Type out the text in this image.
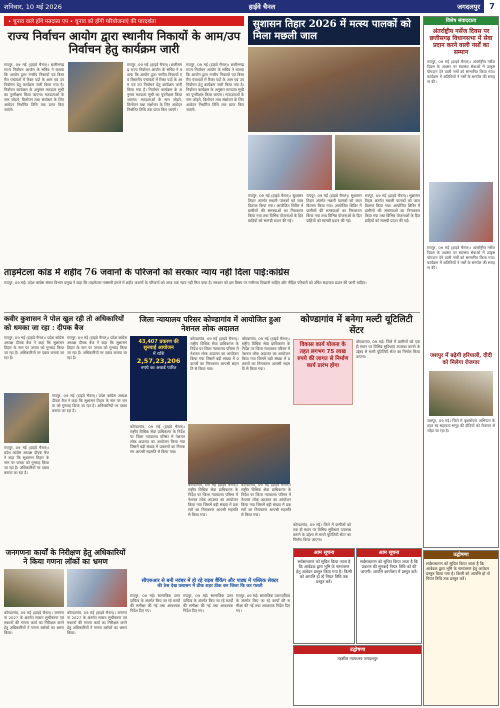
शनिवार, 10 मई 2026	हाईवे चैनल	जगदलपुर	7
• चुनाव वाले होंगे मतदाता एप • चुनाव को होंगी परियोजनाएं की पारदर्शता
राज्य निर्वाचन आयोग द्वारा स्थानीय निकायों के आम/उप निर्वाचन हेतु कार्यक्रम जारी
रायपुर, 09 मई (हाइवे चैनल)। छत्तीसगढ़ राज्य निर्वाचन आयोग के सचिव ने बताया कि आयोग द्वारा नगरीय निकायों एवं त्रिस्तरीय पंचायतों में रिक्त पदों के आम एवं उप निर्वाचन हेतु कार्यक्रम जारी किया गया है। निर्वाचन कार्यक्रम के अनुसार मतदाता सूची का पुनरीक्षण किया जाएगा। मतदाताओं के नाम जोड़ने, विलोपन तथा संशोधन के लिए आवेदन निर्धारित तिथि तक प्राप्त किए जाएंगे।
रायपुर, 09 मई (हाइवे चैनल)। छत्तीसगढ़ राज्य निर्वाचन आयोग के सचिव ने बताया कि आयोग द्वारा नगरीय निकायों एवं त्रिस्तरीय पंचायतों में रिक्त पदों के आम एवं उप निर्वाचन हेतु कार्यक्रम जारी किया गया है। निर्वाचन कार्यक्रम के अनुसार मतदाता सूची का पुनरीक्षण किया जाएगा। मतदाताओं के नाम जोड़ने, विलोपन तथा संशोधन के लिए आवेदन निर्धारित तिथि तक प्राप्त किए जाएंगे।
रायपुर, 09 मई (हाइवे चैनल)। छत्तीसगढ़ राज्य निर्वाचन आयोग के सचिव ने बताया कि आयोग द्वारा नगरीय निकायों एवं त्रिस्तरीय पंचायतों में रिक्त पदों के आम एवं उप निर्वाचन हेतु कार्यक्रम जारी किया गया है। निर्वाचन कार्यक्रम के अनुसार मतदाता सूची का पुनरीक्षण किया जाएगा। मतदाताओं के नाम जोड़ने, विलोपन तथा संशोधन के लिए आवेदन निर्धारित तिथि तक प्राप्त किए जाएंगे।
सुशासन तिहार 2026 में मत्स्य पालकों को मिला मछली जाल
रायपुर, 09 मई (हाइवे चैनल)। सुशासन तिहार अंतर्गत मछली पालकों को जाल वितरण किया गया। आयोजित शिविर में ग्रामीणों की समस्याओं का निराकरण किया गया तथा विभिन्न योजनाओं के हितग्राहियों को सामग्री प्रदान की गई।
रायपुर, 09 मई (हाइवे चैनल)। सुशासन तिहार अंतर्गत मछली पालकों को जाल वितरण किया गया। आयोजित शिविर में ग्रामीणों की समस्याओं का निराकरण किया गया तथा विभिन्न योजनाओं के हितग्राहियों को सामग्री प्रदान की गई।
रायपुर, 09 मई (हाइवे चैनल)। सुशासन तिहार अंतर्गत मछली पालकों को जाल वितरण किया गया। आयोजित शिविर में ग्रामीणों की समस्याओं का निराकरण किया गया तथा विभिन्न योजनाओं के हितग्राहियों को सामग्री प्रदान की गई।
विशेष संवाददाता
अंतर्राष्ट्रीय नर्सेज दिवस पर छत्तीसगढ़ विधानसभा में सेवा प्रदान करने वाली नर्सों का सम्मान
रायपुर, 09 मई (हाइवे चैनल)। अंतर्राष्ट्रीय नर्सेज दिवस के अवसर पर स्वास्थ्य सेवाओं में उत्कृष्ट योगदान देने वाली नर्सों को सम्मानित किया गया। कार्यक्रम में अतिथियों ने नर्सों के समर्पण की सराहना की।
रायपुर, 09 मई (हाइवे चैनल)। अंतर्राष्ट्रीय नर्सेज दिवस के अवसर पर स्वास्थ्य सेवाओं में उत्कृष्ट योगदान देने वाली नर्सों को सम्मानित किया गया। कार्यक्रम में अतिथियों ने नर्सों के समर्पण की सराहना की।
जशपुर में बढ़ेगी हरियाली, दीदी को मिलेगा रोजगार
जशपुर, 09 मई। जिले में वृक्षारोपण अभियान के तहत स्व सहायता समूह की दीदियों को रोजगार से जोड़ा जा रहा है।
ताड़मेटला कांड में शहीद 76 जवानों के परिजनों को सरकार न्याय नहीं दिला पाई:कांग्रेस
रायपुर, 09 मई। प्रदेश कांग्रेस संचार विभाग प्रमुख ने कहा कि ताड़मेटला नक्सली हमले में शहीद जवानों के परिजनों को आज तक न्याय नहीं मिल पाया है। सरकार को इस विषय पर गंभीरता दिखानी चाहिए और पीड़ित परिवारों को उचित सहायता प्रदान की जानी चाहिए।
कवीर कुशासन ने पोल खुल रही तो अधिकारियों को धमका जा रहा : दीपक बैज
रायपुर, 09 मई (हाइवे चैनल)। प्रदेश कांग्रेस अध्यक्ष दीपक बैज ने कहा कि सुशासन तिहार के नाम पर जनता को गुमराह किया जा रहा है। अधिकारियों पर दबाव बनाया जा रहा है।
रायपुर, 09 मई (हाइवे चैनल)। प्रदेश कांग्रेस अध्यक्ष दीपक बैज ने कहा कि सुशासन तिहार के नाम पर जनता को गुमराह किया जा रहा है। अधिकारियों पर दबाव बनाया जा रहा है।
रायपुर, 09 मई (हाइवे चैनल)। प्रदेश कांग्रेस अध्यक्ष दीपक बैज ने कहा कि सुशासन तिहार के नाम पर जनता को गुमराह किया जा रहा है। अधिकारियों पर दबाव बनाया जा रहा है।
रायपुर, 09 मई (हाइवे चैनल)। प्रदेश कांग्रेस अध्यक्ष दीपक बैज ने कहा कि सुशासन तिहार के नाम पर जनता को गुमराह किया जा रहा है। अधिकारियों पर दबाव बनाया जा रहा है।
जिला न्यायालय परिसर कोण्डागांव में आयोजित हुआ नेशनल लोक अदालत
43,407 प्रकरण की सुनवाई आयोजन
में राशि
2,57,23,206
रुपये का अवार्ड पारित
कोण्डागांव, 09 मई (हाइवे चैनल)। राष्ट्रीय विधिक सेवा प्राधिकरण के निर्देश पर जिला न्यायालय परिसर में नेशनल लोक अदालत का आयोजन किया गया जिसमें बड़ी संख्या में प्रकरणों का निराकरण आपसी सहमति से किया गया।
कोण्डागांव, 09 मई (हाइवे चैनल)। राष्ट्रीय विधिक सेवा प्राधिकरण के निर्देश पर जिला न्यायालय परिसर में नेशनल लोक अदालत का आयोजन किया गया जिसमें बड़ी संख्या में प्रकरणों का निराकरण आपसी सहमति से किया गया।
कोण्डागांव, 09 मई (हाइवे चैनल)। राष्ट्रीय विधिक सेवा प्राधिकरण के निर्देश पर जिला न्यायालय परिसर में नेशनल लोक अदालत का आयोजन किया गया जिसमें बड़ी संख्या में प्रकरणों का निराकरण आपसी सहमति से किया गया।
कोण्डागांव, 09 मई (हाइवे चैनल)। राष्ट्रीय विधिक सेवा प्राधिकरण के निर्देश पर जिला न्यायालय परिसर में नेशनल लोक अदालत का आयोजन किया गया जिसमें बड़ी संख्या में प्रकरणों का निराकरण आपसी सहमति से किया गया।
कोण्डागांव, 09 मई (हाइवे चैनल)। राष्ट्रीय विधिक सेवा प्राधिकरण के निर्देश पर जिला न्यायालय परिसर में नेशनल लोक अदालत का आयोजन किया गया जिसमें बड़ी संख्या में प्रकरणों का निराकरण आपसी सहमति से किया गया।
कोण्डागांव में बनेगा मल्टी यूटिलिटी सेंटर
विकास कार्य योजना के तहत लगभग 75 लाख रुपये की लागत से निर्माण कार्य प्रारंभ होगा
कोण्डागांव, 09 मई। जिले में ग्रामीणों को एक ही स्थान पर विभिन्न सुविधाएं उपलब्ध कराने के उद्देश्य से मल्टी यूटिलिटी सेंटर का निर्माण किया जाएगा।
कोण्डागांव, 09 मई। जिले में ग्रामीणों को एक ही स्थान पर विभिन्न सुविधाएं उपलब्ध कराने के उद्देश्य से मल्टी यूटिलिटी सेंटर का निर्माण किया जाएगा।
जनगणना कार्यों के निरीक्षण हेतु अधिकारियों ने किया गणना लॉकों का भ्रमण
कोण्डागांव, 09 मई (हाइवे चैनल)। जनगणना 2027 के अंतर्गत मकान सूचीकरण एवं मकानों की गणना कार्य का निरीक्षण करने हेतु अधिकारियों ने गणना ब्लॉकों का भ्रमण किया।
कोण्डागांव, 09 मई (हाइवे चैनल)। जनगणना 2027 के अंतर्गत मकान सूचीकरण एवं मकानों की गणना कार्य का निरीक्षण करने हेतु अधिकारियों ने गणना ब्लॉकों का भ्रमण किया।
सीएसआर से बनी नवंबर में हो रहे राइस बैंकिंग और पाठ्य में पब्लिक सेक्टर
की ठेस देख प्रशासन में ठीक शहर ठीक कर जिला कि कर गलती
रायपुर, 09 मई। सामाजिक उत्तरदायित्व के अंतर्गत किए जा रहे कार्यों की समीक्षा की गई तथा आवश्यक निर्देश दिए गए।
रायपुर, 09 मई। सामाजिक उत्तरदायित्व के अंतर्गत किए जा रहे कार्यों की समीक्षा की गई तथा आवश्यक निर्देश दिए गए।
रायपुर, 09 मई। सामाजिक उत्तरदायित्व के अंतर्गत किए जा रहे कार्यों की समीक्षा की गई तथा आवश्यक निर्देश दिए गए।
आम सूचना
सर्वसाधारण को सूचित किया जाता है कि आवेदक द्वारा भूमि के नामांतरण हेतु आवेदन प्रस्तुत किया गया है। किसी को आपत्ति हो तो नियत तिथि तक प्रस्तुत करें।
आम सूचना
सर्वसाधारण को सूचित किया जाता है कि प्रकरण की सुनवाई नियत तिथि को की जाएगी। आपत्ति कार्यालय में प्रस्तुत करें।
उद्घोषणा
तहसील न्यायालय जगदलपुर
उद्घोषणा
सर्वसाधारण को सूचित किया जाता है कि आवेदक द्वारा भूमि के नामांतरण हेतु आवेदन प्रस्तुत किया गया है। किसी को आपत्ति हो तो नियत तिथि तक प्रस्तुत करें।
